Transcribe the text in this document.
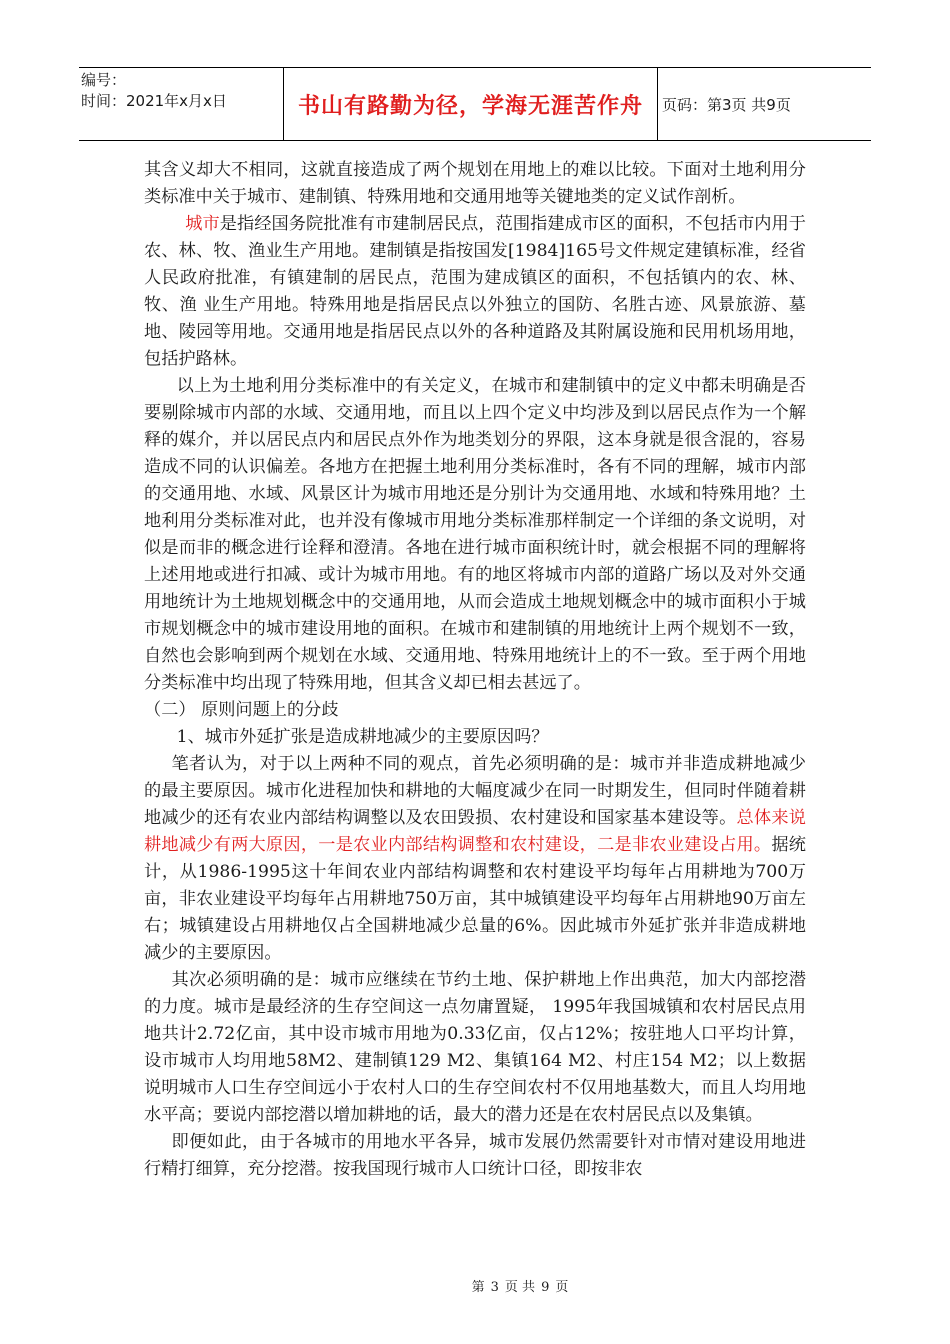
编号：
时间：2021年x月x日	书山有路勤为径，学海无涯苦作舟	页码：第3页 共9页

其含义却大不相同，这就直接造成了两个规划在用地上的难以比较。下面对土地利用分类标准中关于城市、建制镇、特殊用地和交通用地等关键地类的定义试作剖析。

城市是指经国务院批准有市建制居民点，范围指建成市区的面积，不包括市内用于农、林、牧、渔业生产用地。建制镇是指按国发[1984]165号文件规定建镇标准，经省人民政府批准，有镇建制的居民点，范围为建成镇区的面积，不包括镇内的农、林、牧、渔 业生产用地。特殊用地是指居民点以外独立的国防、名胜古迹、风景旅游、墓地、陵园等用地。交通用地是指居民点以外的各种道路及其附属设施和民用机场用地，包括护路林。

以上为土地利用分类标准中的有关定义，在城市和建制镇中的定义中都未明确是否要剔除城市内部的水域、交通用地，而且以上四个定义中均涉及到以居民点作为一个解释的媒介，并以居民点内和居民点外作为地类划分的界限，这本身就是很含混的，容易造成不同的认识偏差。各地方在把握土地利用分类标准时，各有不同的理解，城市内部的交通用地、水域、风景区计为城市用地还是分别计为交通用地、水域和特殊用地？土地利用分类标准对此，也并没有像城市用地分类标准那样制定一个详细的条文说明，对似是而非的概念进行诠释和澄清。各地在进行城市面积统计时，就会根据不同的理解将上述用地或进行扣减、或计为城市用地。有的地区将城市内部的道路广场以及对外交通用地统计为土地规划概念中的交通用地，从而会造成土地规划概念中的城市面积小于城市规划概念中的城市建设用地的面积。在城市和建制镇的用地统计上两个规划不一致，自然也会影响到两个规划在水域、交通用地、特殊用地统计上的不一致。至于两个用地分类标准中均出现了特殊用地，但其含义却已相去甚远了。

（二） 原则问题上的分歧

1、城市外延扩张是造成耕地减少的主要原因吗？

笔者认为，对于以上两种不同的观点，首先必须明确的是：城市并非造成耕地减少的最主要原因。城市化进程加快和耕地的大幅度减少在同一时期发生，但同时伴随着耕地减少的还有农业内部结构调整以及农田毁损、农村建设和国家基本建设等。总体来说耕地减少有两大原因，一是农业内部结构调整和农村建设，二是非农业建设占用。据统计，从1986-1995这十年间农业内部结构调整和农村建设平均每年占用耕地为700万亩，非农业建设平均每年占用耕地750万亩，其中城镇建设平均每年占用耕地90万亩左右；城镇建设占用耕地仅占全国耕地减少总量的6%。因此城市外延扩张并非造成耕地减少的主要原因。

其次必须明确的是：城市应继续在节约土地、保护耕地上作出典范，加大内部挖潜的力度。城市是最经济的生存空间这一点勿庸置疑， 1995年我国城镇和农村居民点用地共计2.72亿亩，其中设市城市用地为0.33亿亩，仅占12%；按驻地人口平均计算，设市城市人均用地58M2、建制镇129 M2、集镇164 M2、村庄154 M2；以上数据说明城市人口生存空间远小于农村人口的生存空间农村不仅用地基数大，而且人均用地水平高；要说内部挖潜以增加耕地的话，最大的潜力还是在农村居民点以及集镇。

即便如此，由于各城市的用地水平各异，城市发展仍然需要针对市情对建设用地进行精打细算，充分挖潜。按我国现行城市人口统计口径，即按非农

第 3 页 共 9 页
